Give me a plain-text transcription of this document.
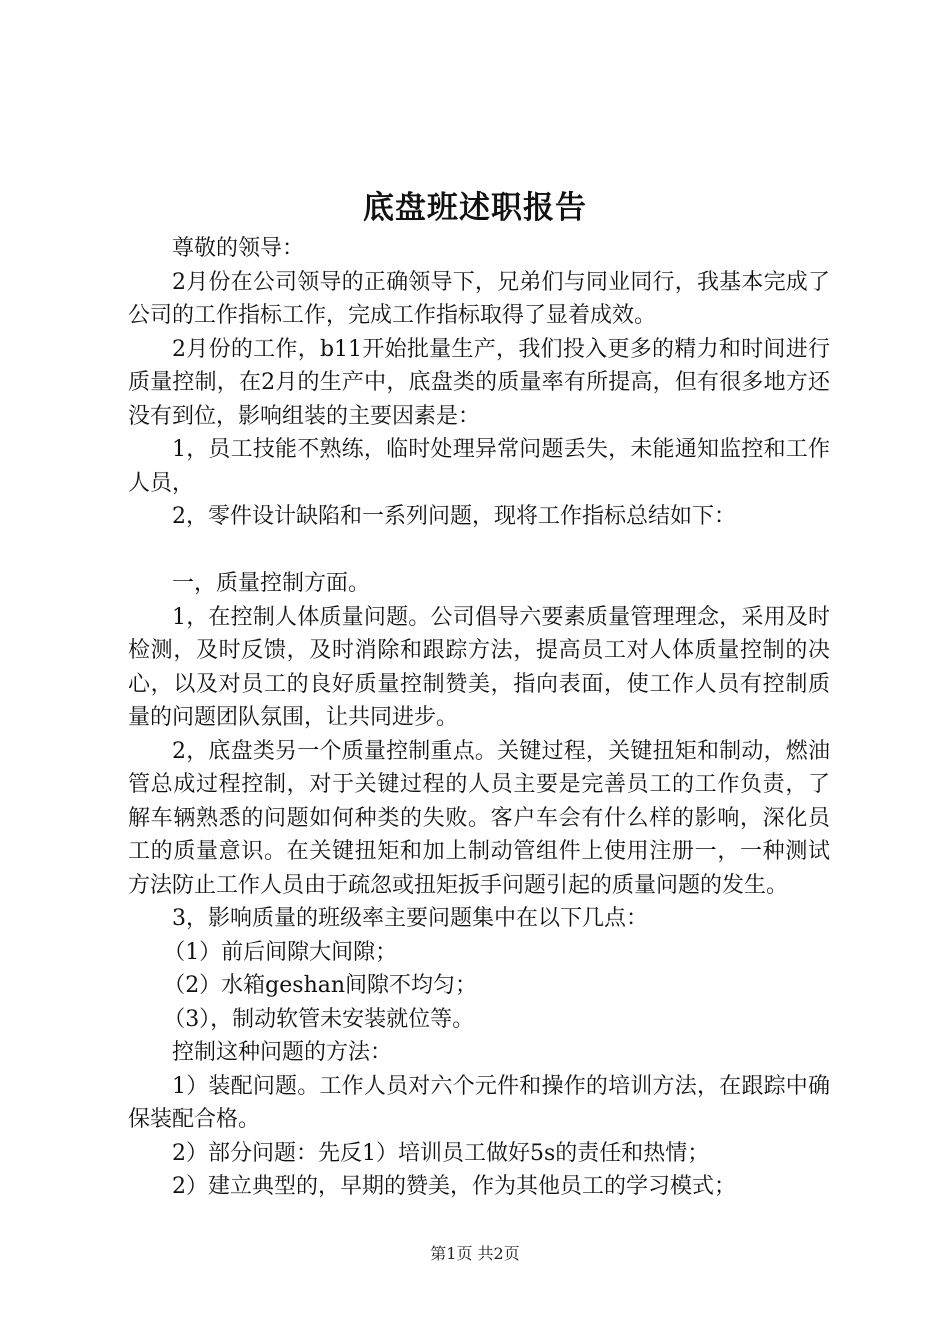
底盘班述职报告

尊敬的领导：

2月份在公司领导的正确领导下，兄弟们与同业同行，我基本完成了公司的工作指标工作，完成工作指标取得了显着成效。

2月份的工作，b11开始批量生产，我们投入更多的精力和时间进行质量控制，在2月的生产中，底盘类的质量率有所提高，但有很多地方还没有到位，影响组装的主要因素是：

1，员工技能不熟练，临时处理异常问题丢失，未能通知监控和工作人员，

2，零件设计缺陷和一系列问题，现将工作指标总结如下：

一，质量控制方面。

1，在控制人体质量问题。公司倡导六要素质量管理理念，采用及时检测，及时反馈，及时消除和跟踪方法，提高员工对人体质量控制的决心，以及对员工的良好质量控制赞美，指向表面，使工作人员有控制质量的问题团队氛围，让共同进步。

2，底盘类另一个质量控制重点。关键过程，关键扭矩和制动，燃油管总成过程控制，对于关键过程的人员主要是完善员工的工作负责，了解车辆熟悉的问题如何种类的失败。客户车会有什么样的影响，深化员工的质量意识。在关键扭矩和加上制动管组件上使用注册一，一种测试方法防止工作人员由于疏忽或扭矩扳手问题引起的质量问题的发生。

3，影响质量的班级率主要问题集中在以下几点：

（1）前后间隙大间隙；

（2）水箱geshan间隙不均匀；

（3），制动软管未安装就位等。

控制这种问题的方法：

1）装配问题。工作人员对六个元件和操作的培训方法，在跟踪中确保装配合格。

2）部分问题：先反1）培训员工做好5s的责任和热情；

2）建立典型的，早期的赞美，作为其他员工的学习模式；

第1页 共2页
